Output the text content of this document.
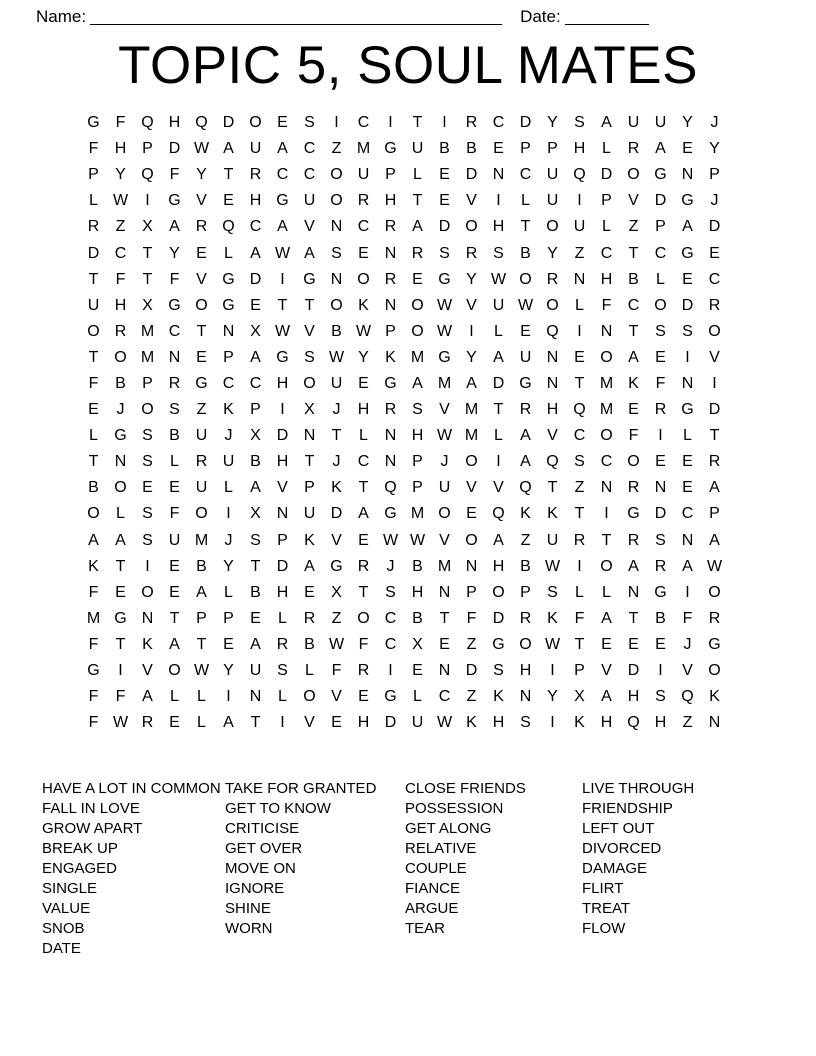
Name:	Date:
TOPIC 5, SOUL MATES
G F Q H Q D O E	S	I	C	I	T	I	R C D Y	S	A U U Y	J
F	H P D W A U A C	Z M G U B	B	E	P	P H	L	R A	E	Y
P	Y Q F	Y	T	R C C O U P	L	E D N C U Q D O G N P
L W	I	G V	E H G U O R H	T	E	V	I	L	U	I	P	V D G	J
R	Z	X	A R Q C A	V N C R A D O H	T O U	L	Z	P	A D
D C	T	Y	E	L	A W A	S	E N R S R S	B	Y	Z	C	T	C G E
T	F	T	F	V G D	I	G N O R E G Y W O R N H B	L	E C
U H X G O G E	T	T O K N O W V U W O	L	F	C O D R
O R M C	T	N X W V	B W P O W	I	L	E Q	I	N	T	S	S O
T O M N E	P	A G S W Y	K M G Y	A U N E O A	E	I	V
F	B	P R G C C H O U E G A M A D G N	T M K	F	N	I
E	J	O S	Z	K	P	I	X	J	H R S	V M T	R H Q M E R G D
L	G S	B U	J	X D N	T	L	N H W M L	A	V C O F	I	L	T
T	N S	L	R U B H	T	J	C N P	J	O	I	A Q S C O E	E R
B O E	E U	L	A	V	P	K	T Q P U V	V Q T	Z	N R N E	A
O	L	S	F O	I	X N U D A G M O E Q K	K	T	I	G D C P
A	A	S U M	J	S	P	K	V	E W W V O A	Z	U R	T	R S N A
K	T	I	E	B	Y	T	D A G R	J	B M N H B W	I	O A R A W
F	E O E	A	L	B H E	X	T	S H N P O P	S	L	L	N G	I	O
M G N	T	P	P	E	L	R	Z O C B	T	F	D R K	F	A	T	B	F	R
F	T	K	A	T	E	A R B W F	C X	E	Z G O W T	E	E	E	J	G
G	I	V O W Y U S	L	F	R	I	E N D S H	I	P	V D	I	V O
F	F	A	L	L	I	N	L	O V	E G	L	C	Z	K N Y	X	A H S Q K
F W R E	L	A	T	I	V	E H D U W K H S	I	K H Q H	Z	N
HAVE A LOT IN COMMON
FALL IN LOVE
GROW APART
BREAK UP
ENGAGED
SINGLE
VALUE
SNOB
DATE
TAKE FOR GRANTED
GET TO KNOW
CRITICISE
GET OVER
MOVE ON
IGNORE
SHINE
WORN
CLOSE FRIENDS
POSSESSION
GET ALONG
RELATIVE
COUPLE
FIANCE
ARGUE
TEAR
LIVE THROUGH
FRIENDSHIP
LEFT OUT
DIVORCED
DAMAGE
FLIRT
TREAT
FLOW
